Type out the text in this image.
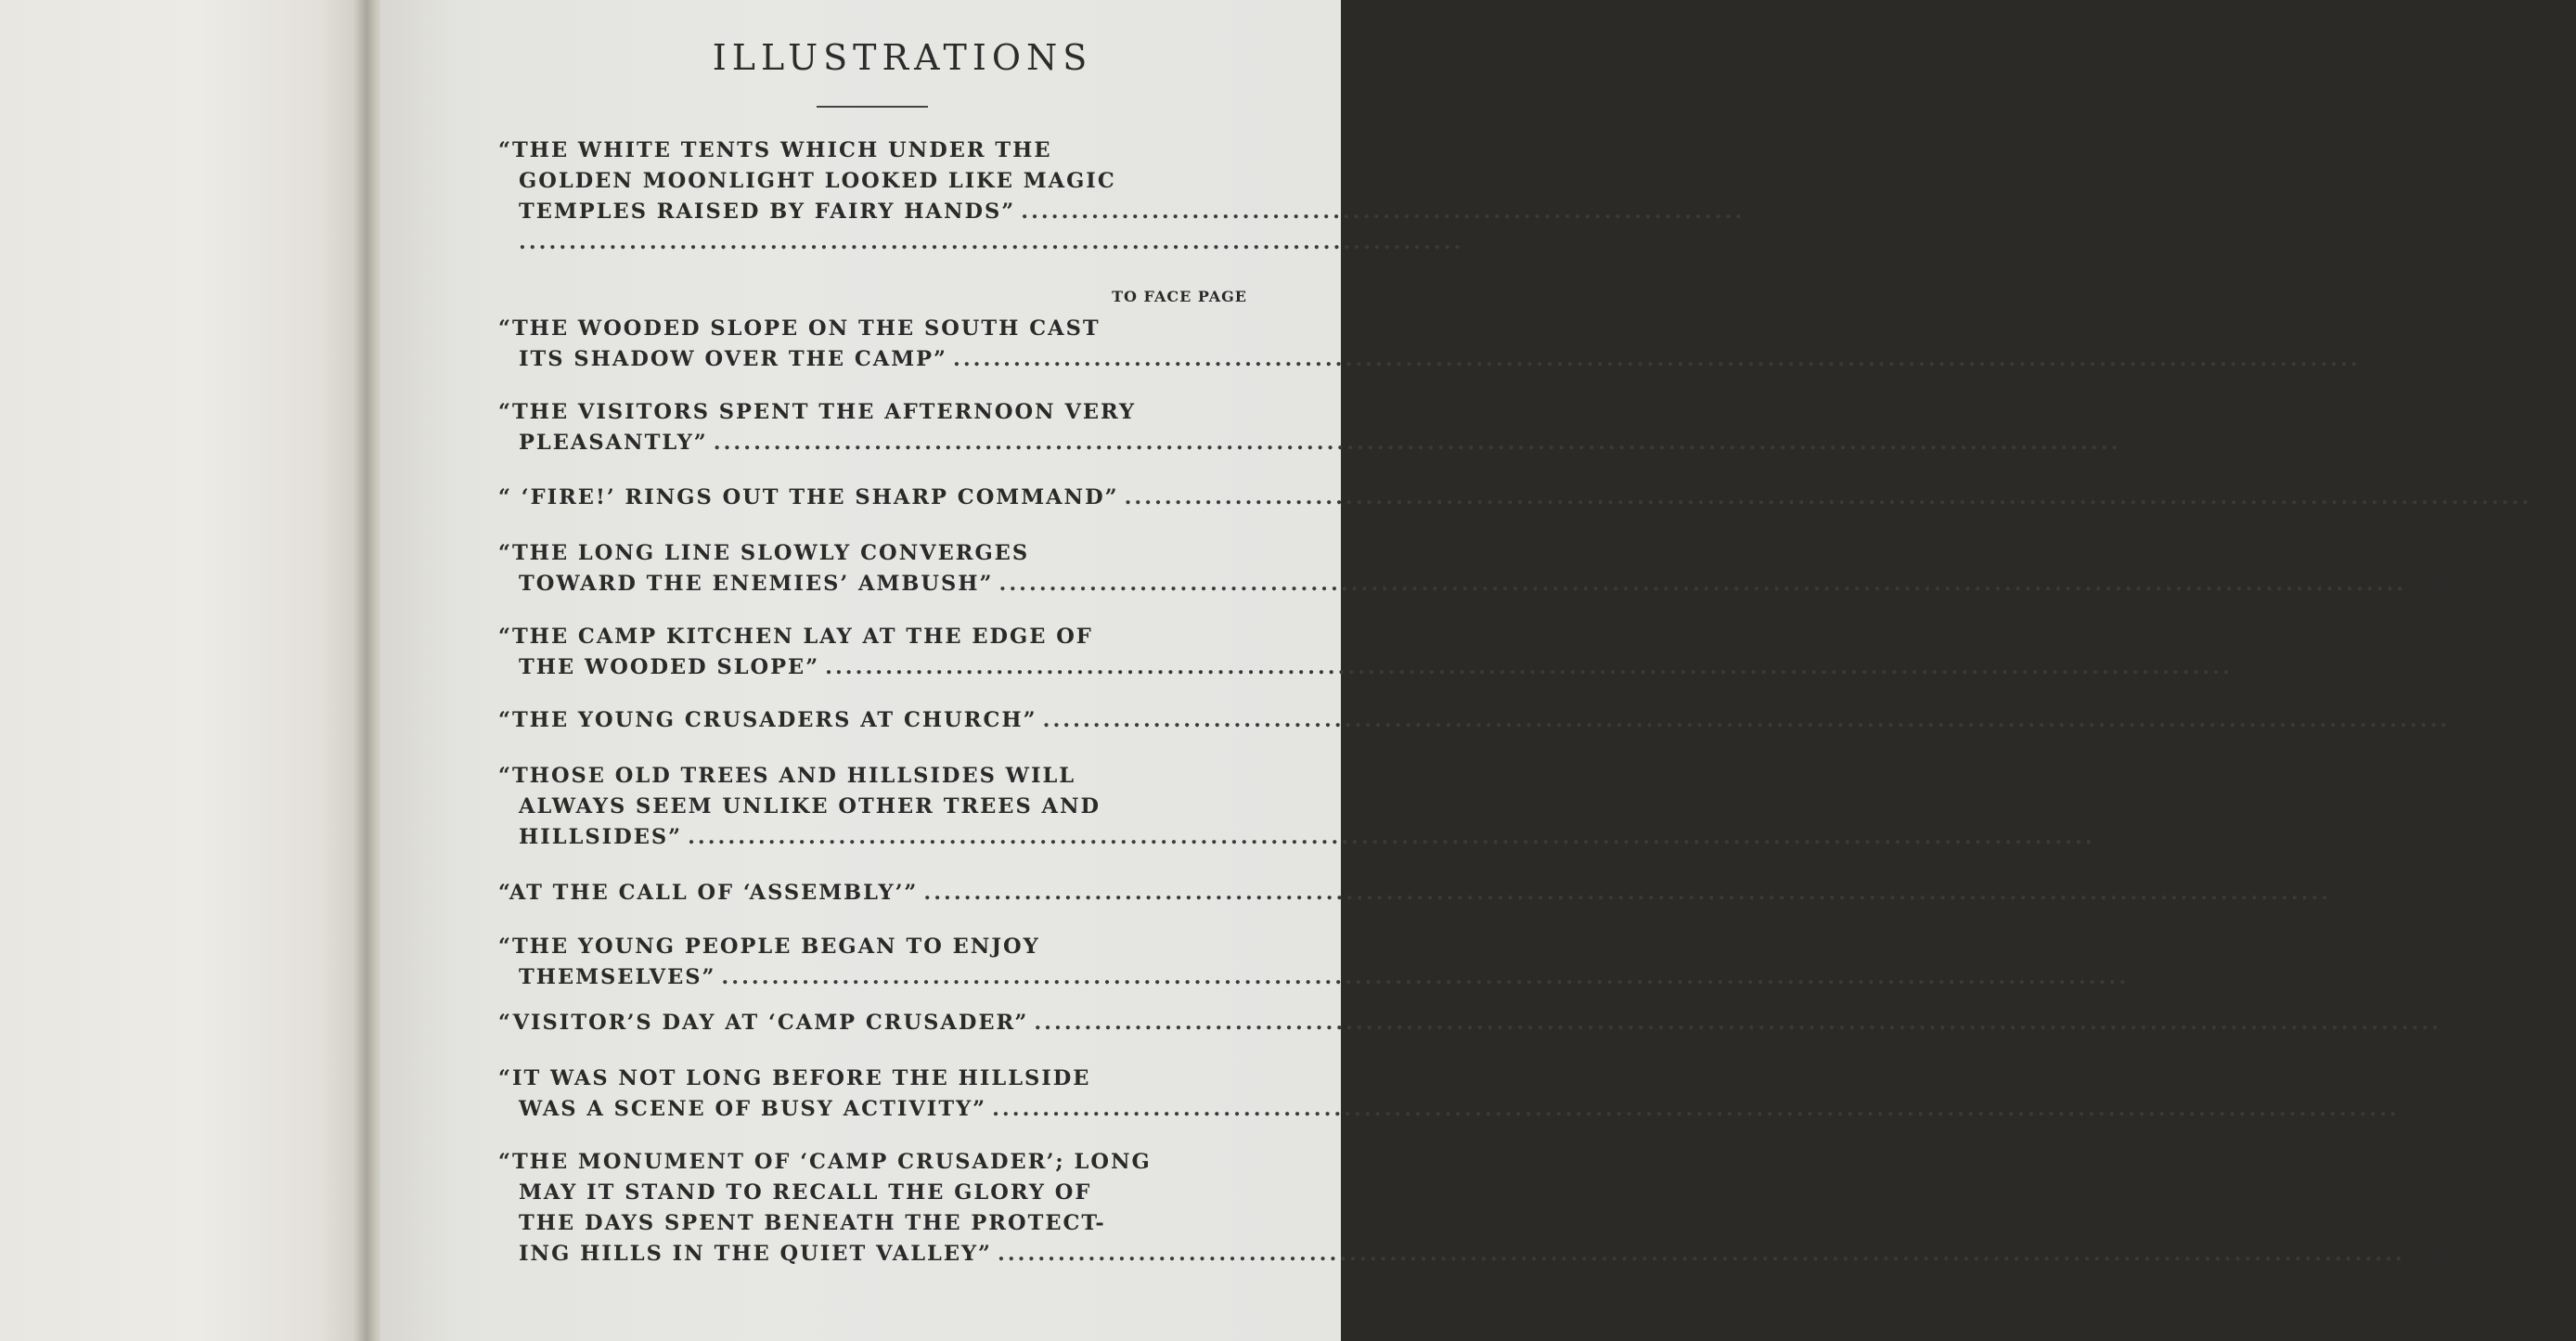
ILLUSTRATIONS
“THE WHITE TENTS WHICH UNDER THE
GOLDEN MOONLIGHT LOOKED LIKE MAGIC
TEMPLES RAISED BY FAIRY HANDS” ........................................................................
.............................................................................................. FRONTISPIECE
TO FACE PAGE
“THE WOODED SLOPE ON THE SOUTH CAST
ITS SHADOW OVER THE CAMP” ............................................................................................................................................ 74
“THE VISITORS SPENT THE AFTERNOON VERY
PLEASANTLY” ............................................................................................................................................ 114
“ ‘FIRE!’ RINGS OUT THE SHARP COMMAND” ............................................................................................................................................ 122
“THE LONG LINE SLOWLY CONVERGES
TOWARD THE ENEMIES’ AMBUSH” ............................................................................................................................................ 128
“THE CAMP KITCHEN LAY AT THE EDGE OF
THE WOODED SLOPE” ............................................................................................................................................ 134
“THE YOUNG CRUSADERS AT CHURCH” ............................................................................................................................................ 146
“THOSE OLD TREES AND HILLSIDES WILL
ALWAYS SEEM UNLIKE OTHER TREES AND
HILLSIDES” ............................................................................................................................................ 164
“AT THE CALL OF ‘ASSEMBLY’” ............................................................................................................................................ 210
“THE YOUNG PEOPLE BEGAN TO ENJOY
THEMSELVES” ............................................................................................................................................ 244
“VISITOR’S DAY AT ‘CAMP CRUSADER” ............................................................................................................................................ 252
“IT WAS NOT LONG BEFORE THE HILLSIDE
WAS A SCENE OF BUSY ACTIVITY” ............................................................................................................................................ 286
“THE MONUMENT OF ‘CAMP CRUSADER’; LONG
MAY IT STAND TO RECALL THE GLORY OF
THE DAYS SPENT BENEATH THE PROTECT-
ING HILLS IN THE QUIET VALLEY” ............................................................................................................................................ 294
